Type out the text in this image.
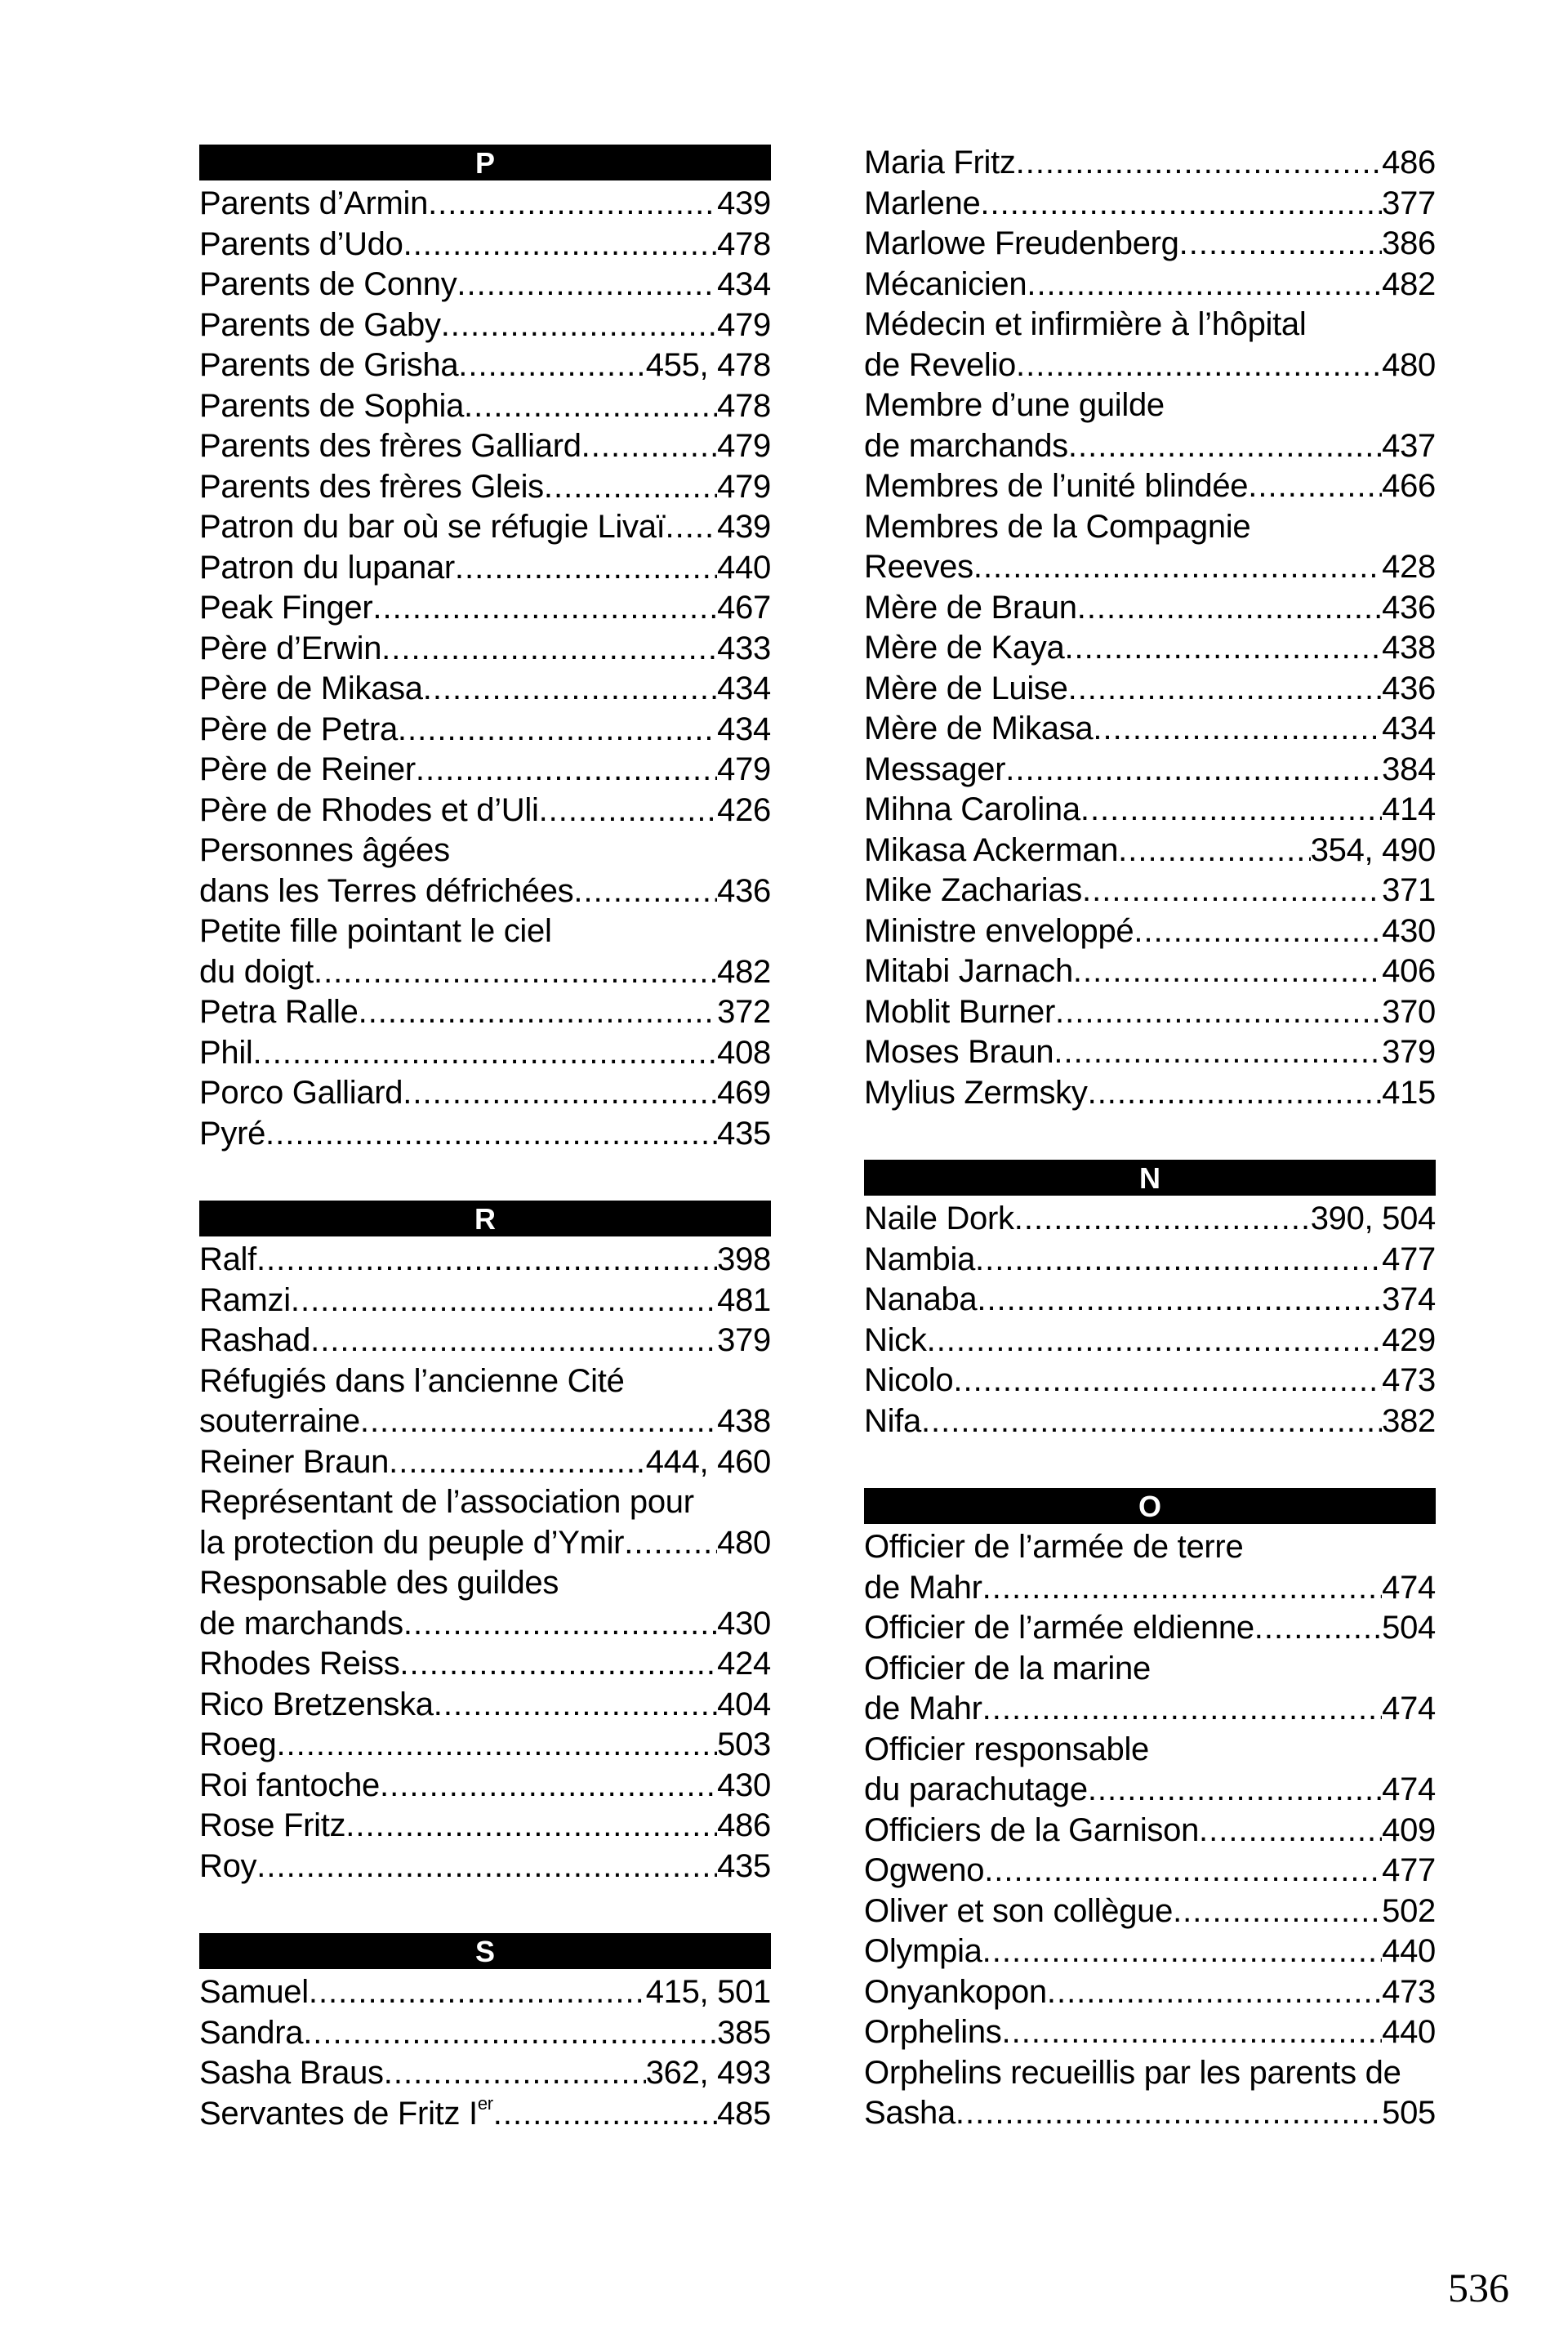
P
Parents d’Armin .....	439
Parents d’Udo .....	478
Parents de Conny .....	434
Parents de Gaby .....	479
Parents de Grisha .....	455, 478
Parents de Sophia .....	478
Parents des frères Galliard .....	479
Parents des frères Gleis .....	479
Patron du bar où se réfugie Livaï ..... 439
Patron du lupanar .....	440
Peak Finger .....	467
Père d’Erwin .....	433
Père de Mikasa .....	434
Père de Petra .....	434
Père de Reiner .....	479
Père de Rhodes et d’Uli .....	426
Personnes âgées
dans les Terres défrichées .....	436
Petite fille pointant le ciel
du doigt .....	482
Petra Ralle .....	372
Phil .....	408
Porco Galliard .....	469
Pyré .....	435
R
Ralf .....	398
Ramzi .....	481
Rashad .....	379
Réfugiés dans l’ancienne Cité
souterraine .....	438
Reiner Braun .....	444, 460
Représentant de l’association pour
la protection du peuple d’Ymir .....	480
Responsable des guildes
de marchands .....	430
Rhodes Reiss .....	424
Rico Bretzenska .....	404
Roeg .....	503
Roi fantoche .....	430
Rose Fritz .....	486
Roy .....	435
S
Samuel .....	415, 501
Sandra .....	385
Sasha Braus .....	362, 493
Servantes de Fritz Ier .....	485
Maria Fritz .....	486
Marlene .....	377
Marlowe Freudenberg .....	386
Mécanicien .....	482
Médecin et infirmière à l’hôpital
de Revelio .....	480
Membre d’une guilde
de marchands .....	437
Membres de l’unité blindée .....	466
Membres de la Compagnie
Reeves .....	428
Mère de Braun .....	436
Mère de Kaya .....	438
Mère de Luise .....	436
Mère de Mikasa .....	434
Messager .....	384
Mihna Carolina .....	414
Mikasa Ackerman .....	354, 490
Mike Zacharias .....	371
Ministre enveloppé .....	430
Mitabi Jarnach .....	406
Moblit Burner .....	370
Moses Braun .....	379
Mylius Zermsky .....	415
N
Naile Dork .....	390, 504
Nambia .....	477
Nanaba .....	374
Nick .....	429
Nicolo .....	473
Nifa .....	382
O
Officier de l’armée de terre
de Mahr .....	474
Officier de l’armée eldienne .....	504
Officier de la marine
de Mahr .....	474
Officier responsable
du parachutage .....	474
Officiers de la Garnison .....	409
Ogweno .....	477
Oliver et son collègue .....	502
Olympia .....	440
Onyankopon .....	473
Orphelins .....	440
Orphelins recueillis par les parents de
Sasha .....	505
536
